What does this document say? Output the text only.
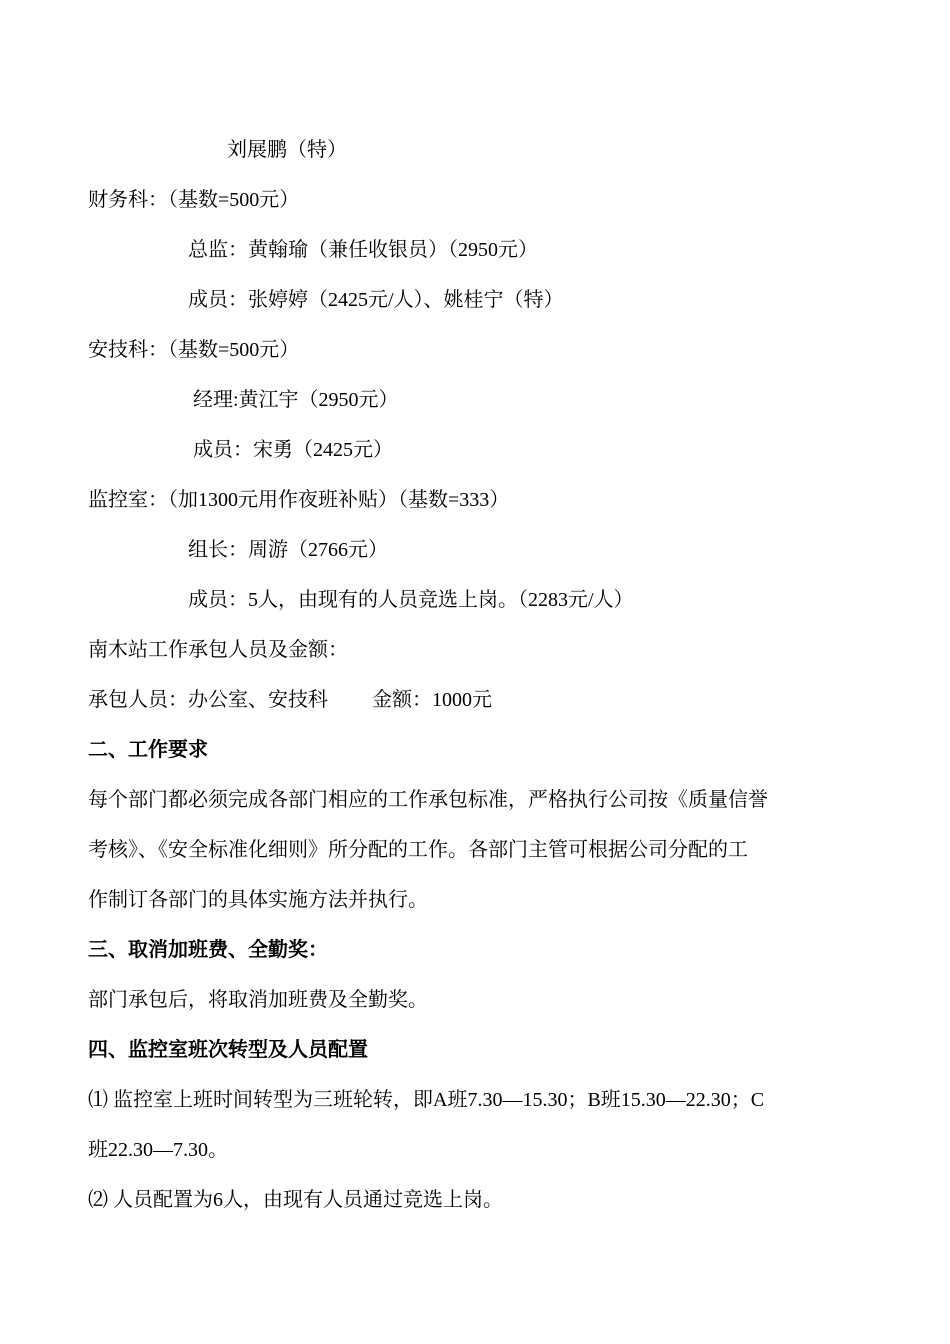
刘展鹏（特）
财务科：（基数=500元）
总监：黄翰瑜（兼任收银员）（2950元）
成员：张婷婷（2425元/人）、姚桂宁（特）
安技科：（基数=500元）
经理:黄江宇（2950元）
成员：宋勇（2425元）
监控室：（加1300元用作夜班补贴）（基数=333）
组长：周游（2766元）
成员：5人，由现有的人员竞选上岗。（2283元/人）
南木站工作承包人员及金额：
承包人员：办公室、安技科 金额：1000元
二、工作要求
每个部门都必须完成各部门相应的工作承包标准，严格执行公司按《质量信誉
考核》、《安全标准化细则》所分配的工作。各部门主管可根据公司分配的工
作制订各部门的具体实施方法并执行。
三、取消加班费、全勤奖：
部门承包后，将取消加班费及全勤奖。
四、监控室班次转型及人员配置
⑴ 监控室上班时间转型为三班轮转，即A班7.30—15.30；B班15.30—22.30；C
班22.30—7.30。
⑵ 人员配置为6人，由现有人员通过竞选上岗。
